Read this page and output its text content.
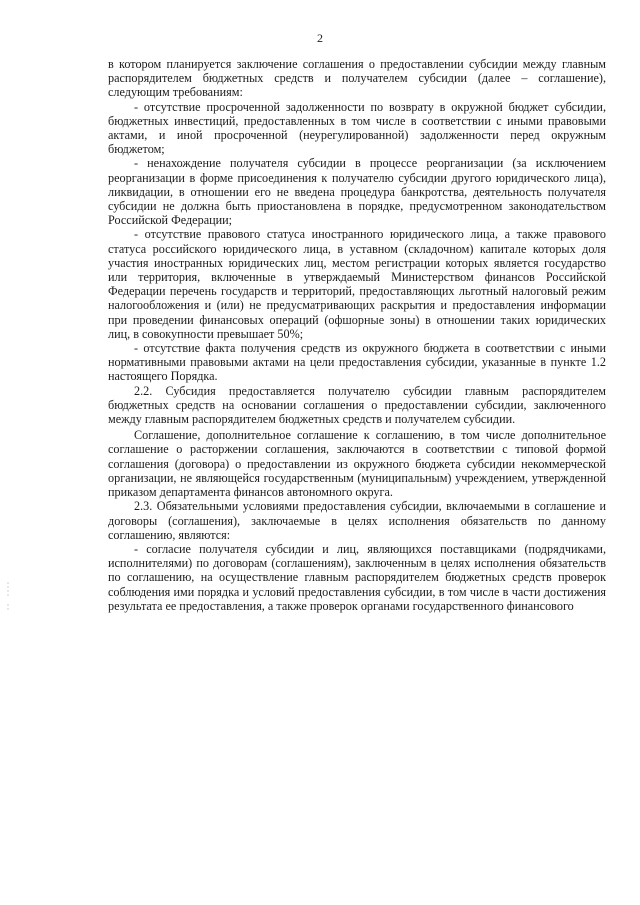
2

в котором планируется заключение соглашения о предоставлении субсидии между главным распорядителем бюджетных средств и получателем субсидии (далее – соглашение), следующим требованиям:

- отсутствие просроченной задолженности по возврату в окружной бюджет субсидии, бюджетных инвестиций, предоставленных в том числе в соответствии с иными правовыми актами, и иной просроченной (неурегулированной) задолженности перед окружным бюджетом;

- ненахождение получателя субсидии в процессе реорганизации (за исключением реорганизации в форме присоединения к получателю субсидии другого юридического лица), ликвидации, в отношении его не введена процедура банкротства, деятельность получателя субсидии не должна быть приостановлена в порядке, предусмотренном законодательством Российской Федерации;

- отсутствие правового статуса иностранного юридического лица, а также правового статуса российского юридического лица, в уставном (складочном) капитале которых доля участия иностранных юридических лиц, местом регистрации которых является государство или территория, включенные в утверждаемый Министерством финансов Российской Федерации перечень государств и территорий, предоставляющих льготный налоговый режим налогообложения и (или) не предусматривающих раскрытия и предоставления информации при проведении финансовых операций (офшорные зоны) в отношении таких юридических лиц, в совокупности превышает 50%;

- отсутствие факта получения средств из окружного бюджета в соответствии с иными нормативными правовыми актами на цели предоставления субсидии, указанные в пункте 1.2 настоящего Порядка.

2.2. Субсидия предоставляется получателю субсидии главным распорядителем бюджетных средств на основании соглашения о предоставлении субсидии, заключенного между главным распорядителем бюджетных средств и получателем субсидии.

Соглашение, дополнительное соглашение к соглашению, в том числе дополнительное соглашение о расторжении соглашения, заключаются в соответствии с типовой формой соглашения (договора) о предоставлении из окружного бюджета субсидии некоммерческой организации, не являющейся государственным (муниципальным) учреждением, утвержденной приказом департамента финансов автономного округа.

2.3. Обязательными условиями предоставления субсидии, включаемыми в соглашение и договоры (соглашения), заключаемые в целях исполнения обязательств по данному соглашению, являются:

- согласие получателя субсидии и лиц, являющихся поставщиками (подрядчиками, исполнителями) по договорам (соглашениям), заключенным в целях исполнения обязательств по соглашению, на осуществление главным распорядителем бюджетных средств проверок соблюдения ими порядка и условий предоставления субсидии, в том числе в части достижения результата ее предоставления, а также проверок органами государственного финансового
